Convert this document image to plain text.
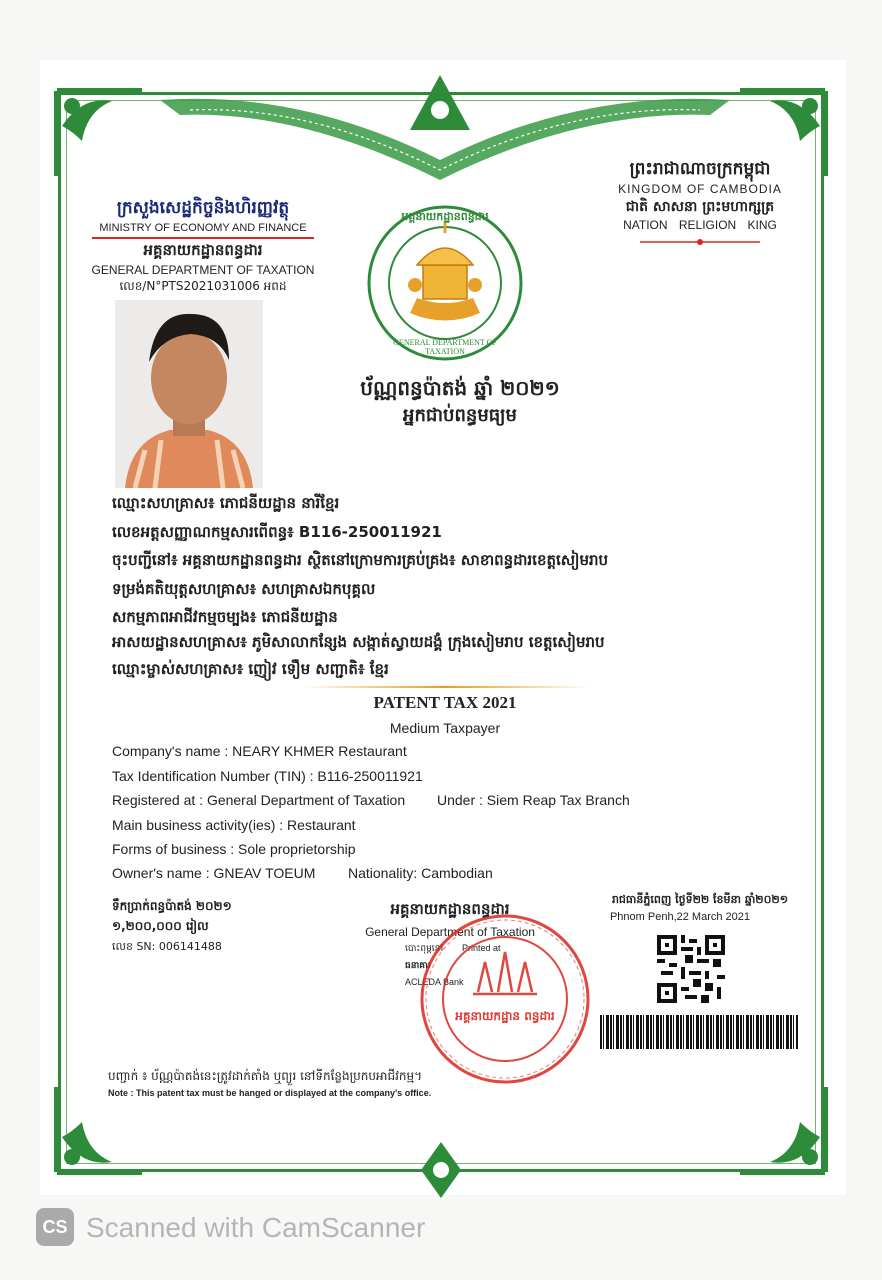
ក្រសួងសេដ្ឋកិច្ចនិងហិរញ្ញវត្ថុ
MINISTRY OF ECONOMY AND FINANCE
អគ្គនាយកដ្ឋានពន្ធដារ
GENERAL DEPARTMENT OF TAXATION
លេខ/N°PTS2021031006 អពដ
ព្រះរាជាណាចក្រកម្ពុជា
KINGDOM OF CAMBODIA
ជាតិ សាសនា ព្រះមហាក្សត្រ
NATION RELIGION KING
អគ្គនាយកដ្ឋានពន្ធដារ
GENERAL DEPARTMENT OF TAXATION
ប័ណ្ណពន្ធប៉ាតង់ ឆ្នាំ ២០២១
អ្នកជាប់ពន្ធមធ្យម
ឈ្មោះសហគ្រាស៖ ភោជនីយដ្ឋាន នារីខ្មែរ
លេខអត្តសញ្ញាណកម្មសារពើពន្ធ៖ B116-250011921
ចុះបញ្ជីនៅ៖ អគ្គនាយកដ្ឋានពន្ធដារ ស្ថិតនៅក្រោមការគ្រប់គ្រង៖ សាខាពន្ធដារខេត្តសៀមរាប
ទម្រង់គតិយុត្តសហគ្រាស៖ សហគ្រាសឯកបុគ្គល
សកម្មភាពអាជីវកម្មចម្បង៖ ភោជនីយដ្ឋាន
អាសយដ្ឋានសហគ្រាស៖ ភូមិសាលាកន្សែង សង្កាត់ស្វាយដង្គំ ក្រុងសៀមរាប ខេត្តសៀមរាប
ឈ្មោះម្ចាស់សហគ្រាស៖ ញៀវ ទឿម សញ្ជាតិ៖ ខ្មែរ
PATENT TAX 2021
Medium Taxpayer
Company's name : NEARY KHMER Restaurant
Tax Identification Number (TIN) : B116-250011921
Registered at : General Department of Taxation Under : Siem Reap Tax Branch
Main business activity(ies) : Restaurant
Forms of business : Sole proprietorship
Owner's name : GNEAV TOEUM Nationality: Cambodian
ទឹកប្រាក់ពន្ធប៉ាតង់ ២០២១
១,២០០,០០០ រៀល
លេខ SN: 006141488
អគ្គនាយកដ្ឋានពន្ធដារ
General Department of Taxation
បោះពុម្ពនៅ Printed at
ធនាគារ
ACLEDA Bank
អគ្គនាយកដ្ឋាន ពន្ធដារ
រាជធានីភ្នំពេញ ថ្ងៃទី២២ ខែមីនា ឆ្នាំ២០២១
Phnom Penh,22 March 2021
បញ្ជាក់ ៖ ប័ណ្ណប៉ាតង់នេះត្រូវដាក់តាំង ឬព្យួរ នៅទីកន្លែងប្រកបអាជីវកម្ម។
Note : This patent tax must be hanged or displayed at the company's office.
CS Scanned with CamScanner
